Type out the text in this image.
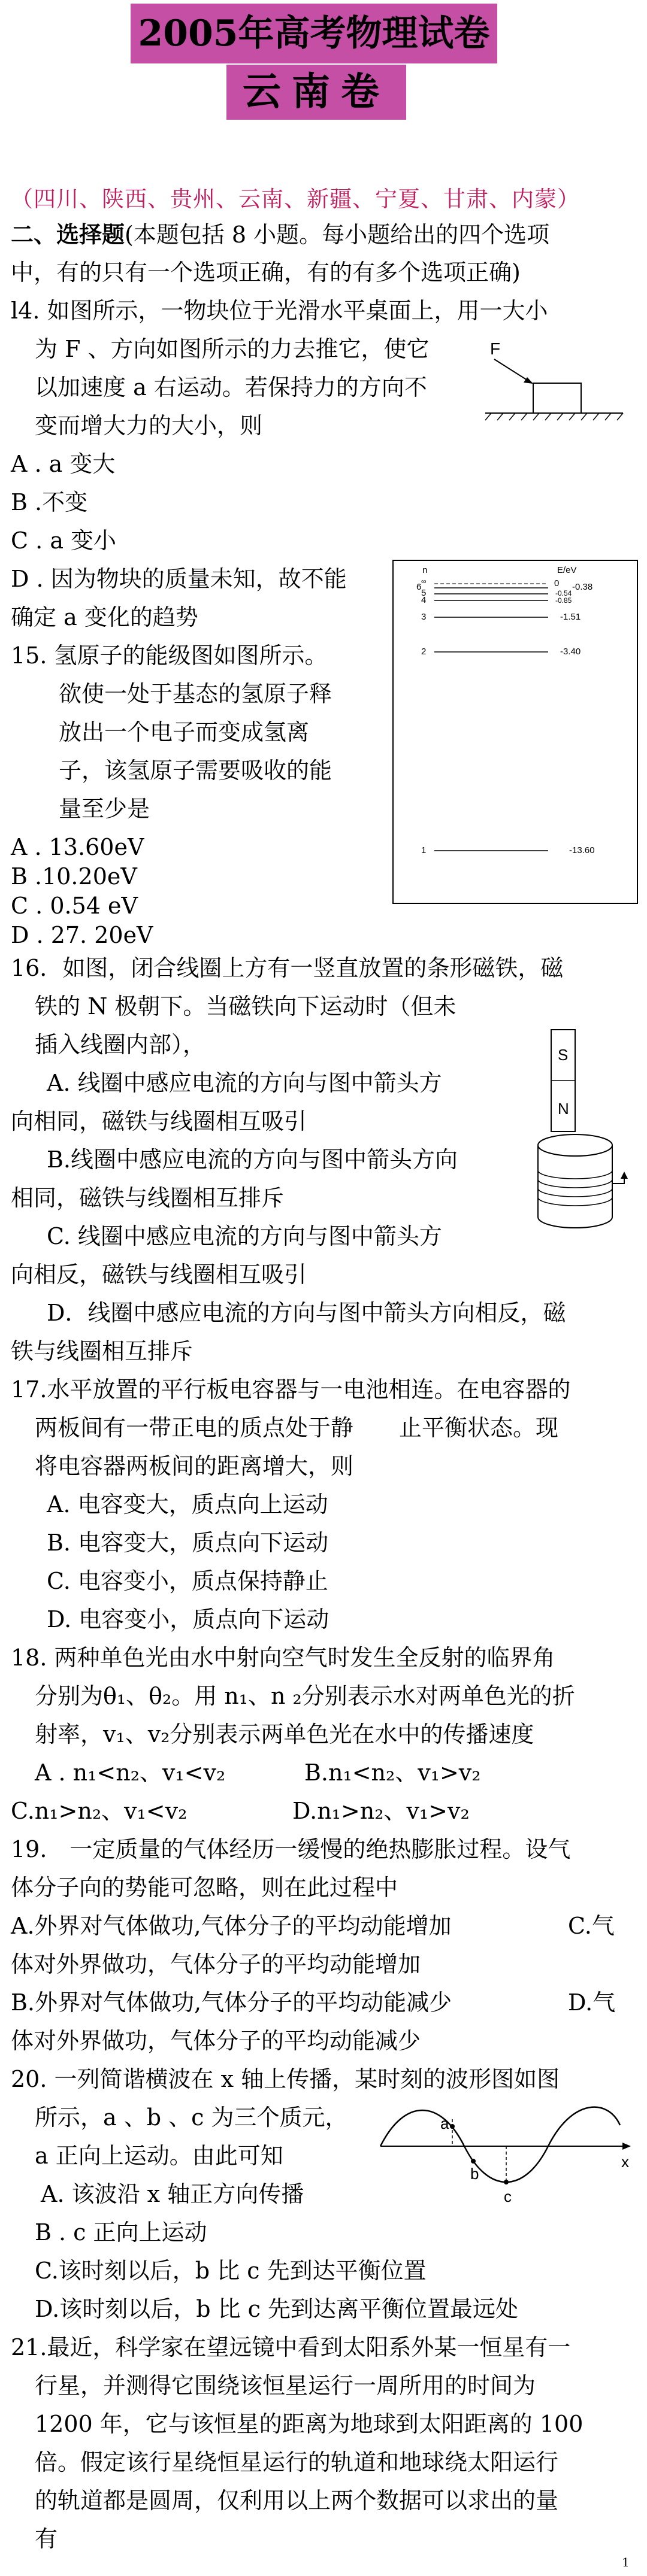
2005年高考物理试卷
云南卷
（四川、陕西、贵州、云南、新疆、宁夏、甘肃、内蒙）
二、选择题(本题包括 8 小题。每小题给出的四个选项
中，有的只有一个选项正确，有的有多个选项正确)
l4. 如图所示，一物块位于光滑水平桌面上，用一大小
为 F 、方向如图所示的力去推它，使它
以加速度 a 右运动。若保持力的方向不
变而增大力的大小，则
A . a 变大
B .不变
C . a 变小
D . 因为物块的质量未知，故不能
确定 a 变化的趋势
F
15. 氢原子的能级图如图所示。
欲使一处于基态的氢原子释
放出一个电子而变成氢离
子，该氢原子需要吸收的能
量至少是
A . 13.60eV
B .10.20eV
C . 0.54 eV
D . 27. 20eV
n	E/eV
∞	0
6
5
4
3
2
1
-0.38
-0.54
-0.85
-1.51
-3.40
-13.60
16．如图，闭合线圈上方有一竖直放置的条形磁铁，磁
铁的 N 极朝下。当磁铁向下运动时（但未
插入线圈内部），
A. 线圈中感应电流的方向与图中箭头方
向相同，磁铁与线圈相互吸引
B.线圈中感应电流的方向与图中箭头方向
相同，磁铁与线圈相互排斥
C. 线圈中感应电流的方向与图中箭头方
向相反，磁铁与线圈相互吸引
D．线圈中感应电流的方向与图中箭头方向相反，磁
铁与线圈相互排斥
S
N
17.水平放置的平行板电容器与一电池相连。在电容器的
两板间有一带正电的质点处于静　　止平衡状态。现
将电容器两板间的距离增大，则
A. 电容变大，质点向上运动
B. 电容变大，质点向下运动
C. 电容变小，质点保持静止
D. 电容变小，质点向下运动
18. 两种单色光由水中射向空气时发生全反射的临界角
分别为θ₁、θ₂。用 n₁、n ₂分别表示水对两单色光的折
射率，v₁、v₂分别表示两单色光在水中的传播速度
A . n₁<n₂、v₁<v₂	B.n₁<n₂、v₁>v₂
C.n₁>n₂、v₁<v₂	D.n₁>n₂、v₁>v₂
19.　一定质量的气体经历一缓慢的绝热膨胀过程。设气
体分子向的势能可忽略，则在此过程中
A.外界对气体做功,气体分子的平均动能增加	C.气
体对外界做功，气体分子的平均动能增加
B.外界对气体做功,气体分子的平均动能减少	D.气
体对外界做功，气体分子的平均动能减少
20. 一列简谐横波在 x 轴上传播，某时刻的波形图如图
所示，a 、b 、c 为三个质元，
a 正向上运动。由此可知
A. 该波沿 x 轴正方向传播
B . c 正向上运动
C.该时刻以后，b 比 c 先到达平衡位置
D.该时刻以后，b 比 c 先到达离平衡位置最远处
x
a
b
c
21.最近，科学家在望远镜中看到太阳系外某一恒星有一
行星，并测得它围绕该恒星运行一周所用的时间为
1200 年，它与该恒星的距离为地球到太阳距离的 100
倍。假定该行星绕恒星运行的轨道和地球绕太阳运行
的轨道都是圆周，仅利用以上两个数据可以求出的量
有
1
